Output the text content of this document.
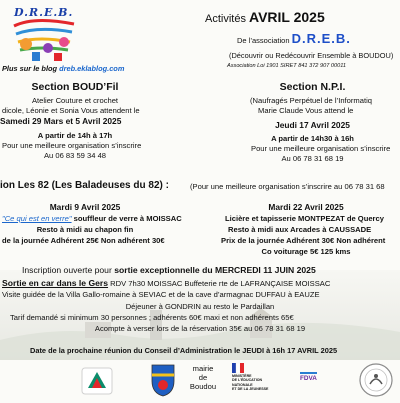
D.R.E.B.
Plus sur le blog dreb.eklablog.com
Activités AVRIL 2025
De l’association D.R.E.B.
(Découvrir ou Redécouvrir Ensemble à BOUDOU)
Association Loi 1901 SIRET 841 372 907 00011
Section BOUD’Fil
Atelier Couture et crochet
dicole, Léonie et Sonia Vous attendent le
Samedi 29 Mars et 5 Avril 2025
A partir de 14h à 17h
Pour une meilleure organisation s’inscrire
Au 06 83 59 34 48
Section N.P.I.
(Naufragés Perpétuel de l’Informatiq
Marie Claude Vous attend le
Jeudi 17 Avril 2025
A partir de 14h30 à 16h
Pour une meilleure organisation s’inscrire
Au 06 78 31 68 19
ion Les 82 (Les Baladeuses du 82) :	(Pour une meilleure organisation s’inscrire au 06 78 31 68
Mardi 9 Avril 2025
"Ce qui est en verre" souffleur de verre à MOISSAC
Resto à midi au chapon fin
de la journée Adhérent 25€ Non adhérent 30€
Mardi 22 Avril 2025
Licière et tapisserie MONTPEZAT de Quercy
Resto à midi aux Arcades à CAUSSADE
Prix de la journée Adhérent 30€ Non adhérent
Co voiturage 5€ 125 kms
Inscription ouverte pour sortie exceptionnelle du MERCREDI 11 JUIN 2025
Sortie en car dans le Gers RDV 7h30 MOISSAC Buffeterie rte de LAFRANÇAISE MOISSAC
Visite guidée de la Villa Gallo-romaine à SEVIAC et de la cave d’armagnac DUFFAU à EAUZE
Déjeuner à GONDRIN au resto le Pardaillan
Tarif demandé si minimum 30 personnes ; adhérents 60€ maxi et non adhérents 65€
Acompte à verser lors de la réservation 35€ au 06 78 31 68 19
Date de la prochaine réunion du Conseil d’Administration le JEUDI à 16h 17 AVRIL 2025
mairie
de
Boudou
MINISTÈRE
DE L’ÉDUCATION
NATIONALE
ET DE LA JEUNESSE
FDVA
